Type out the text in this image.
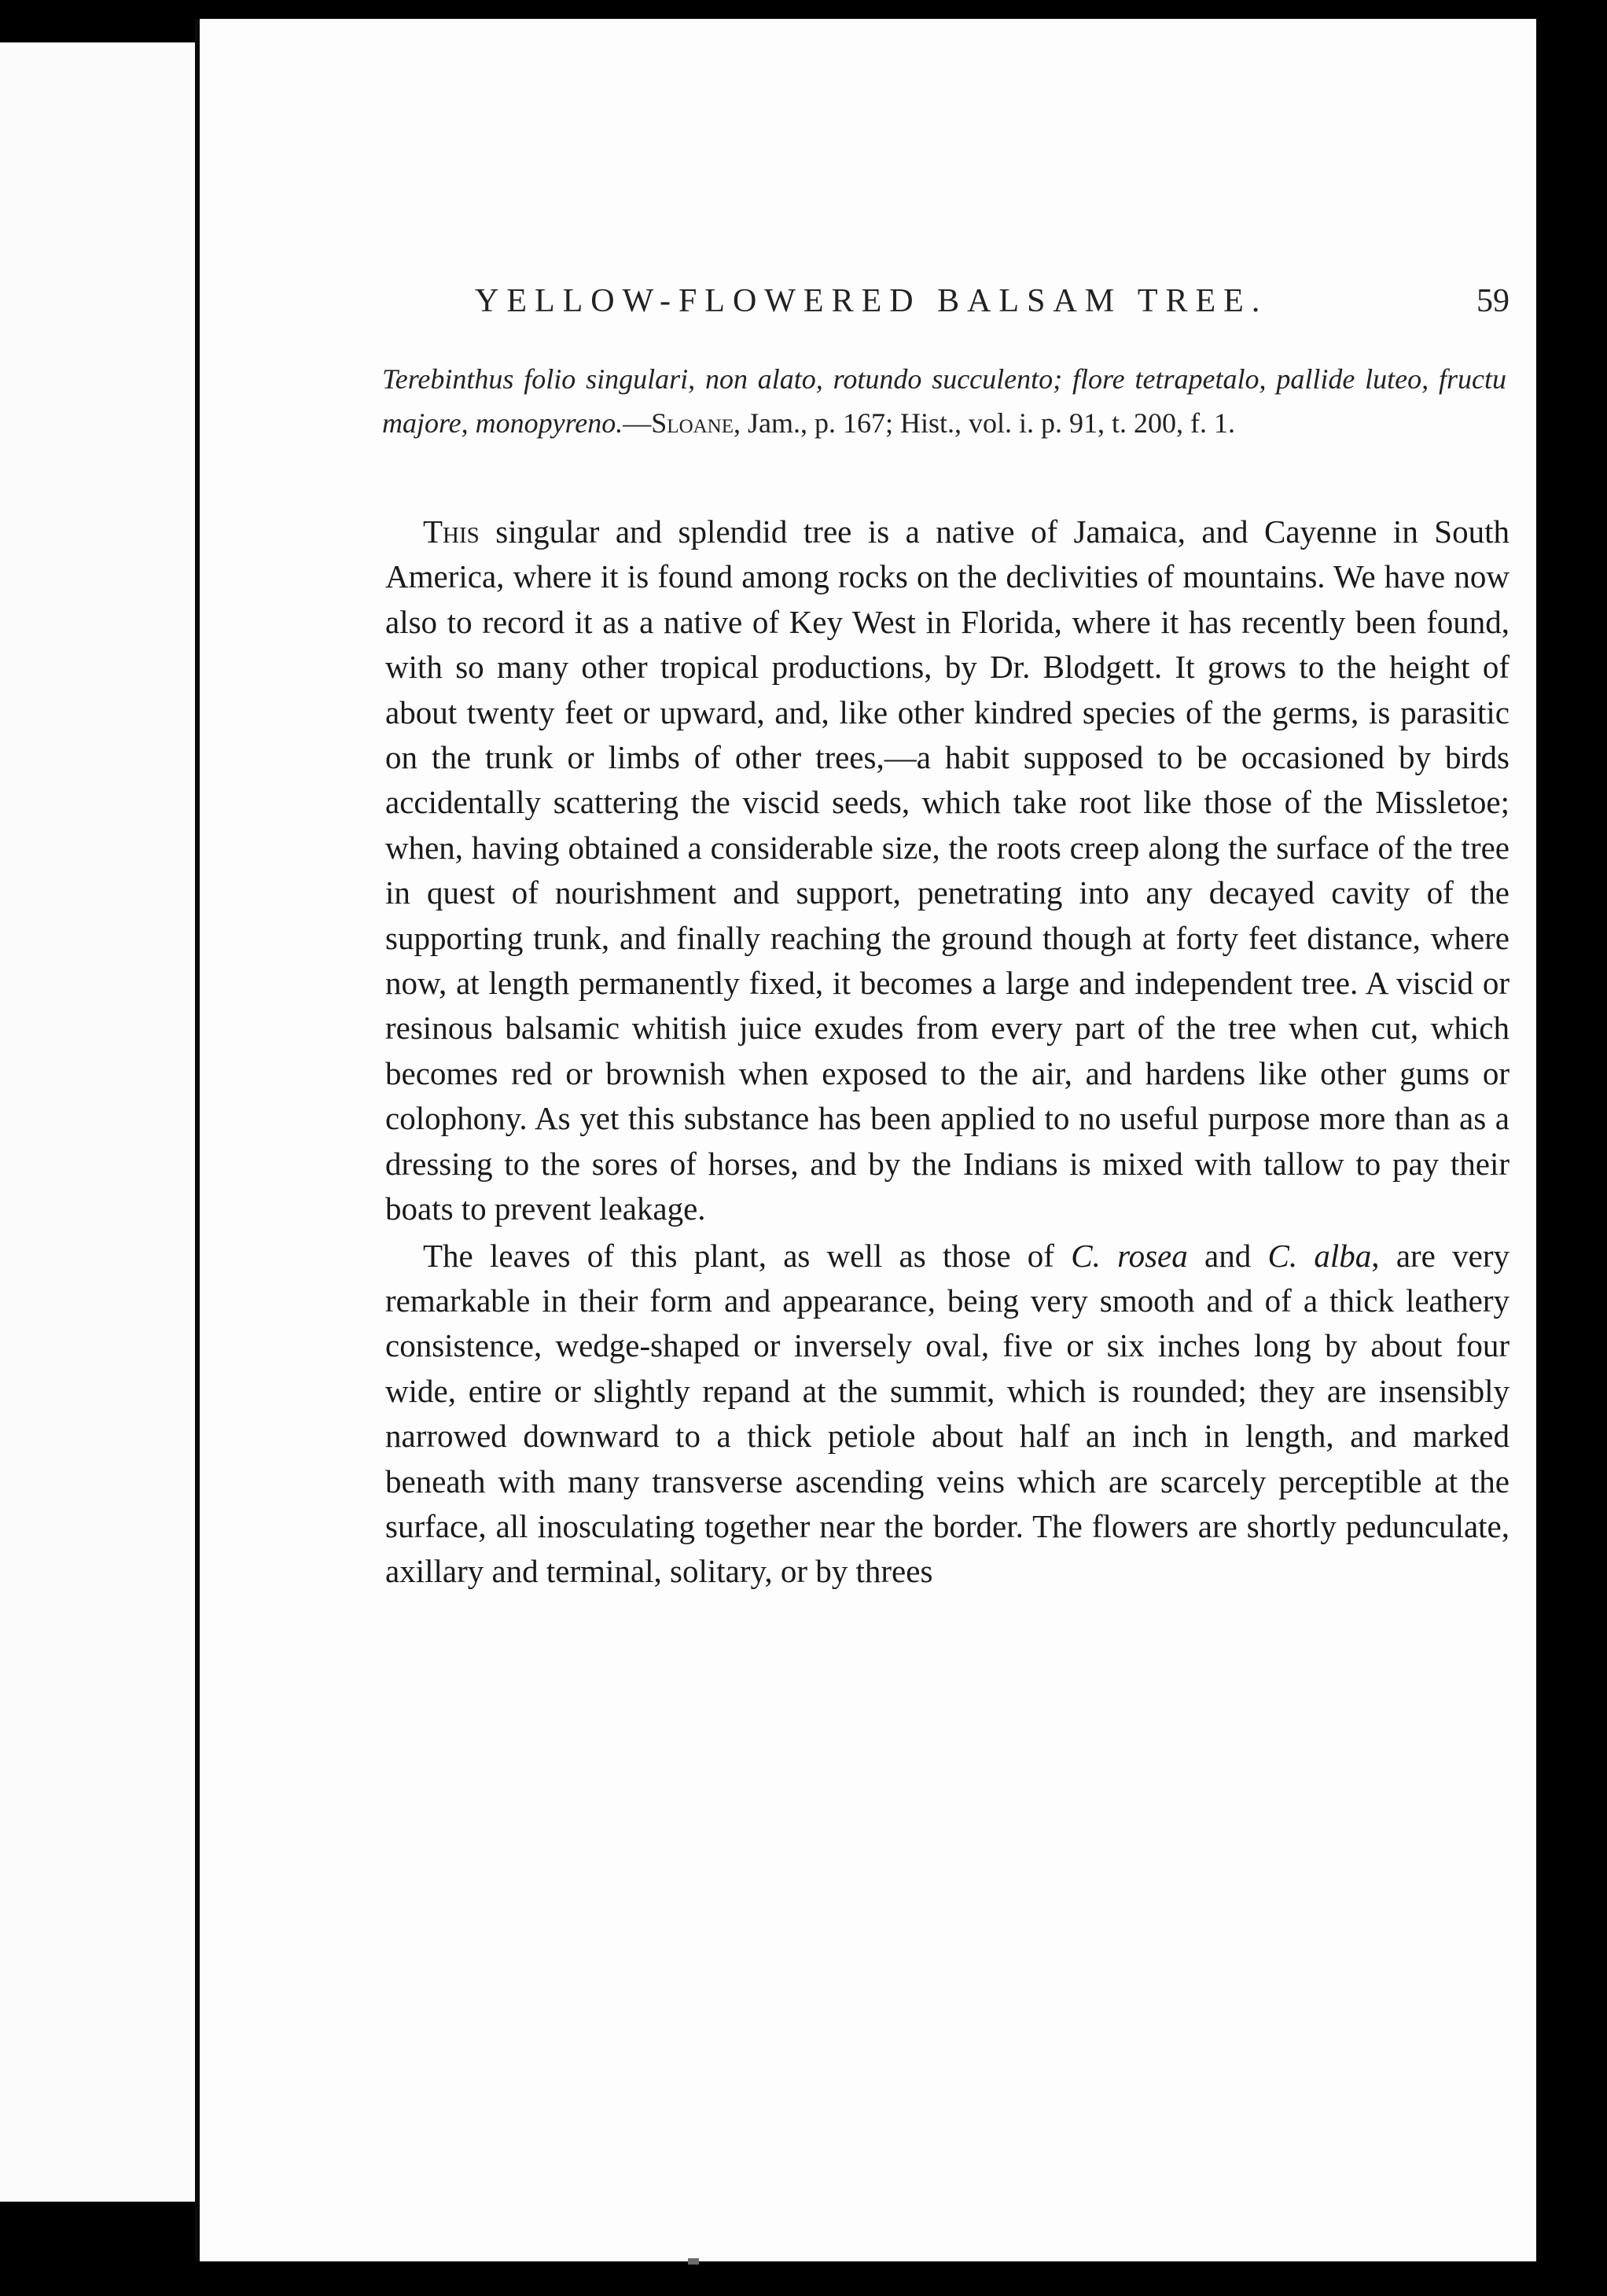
YELLOW-FLOWERED BALSAM TREE.	59

Terebinthus folio singulari, non alato, rotundo succulento; flore tetrapetalo, pallide luteo, fructu majore, monopyreno.—Sloane, Jam., p. 167; Hist., vol. i. p. 91, t. 200, f. 1.

This singular and splendid tree is a native of Jamaica, and Cayenne in South America, where it is found among rocks on the declivities of mountains. We have now also to record it as a native of Key West in Florida, where it has recently been found, with so many other tropical productions, by Dr. Blodgett. It grows to the height of about twenty feet or upward, and, like other kindred species of the germs, is parasitic on the trunk or limbs of other trees,—a habit supposed to be occasioned by birds accidentally scattering the viscid seeds, which take root like those of the Missletoe; when, having obtained a considerable size, the roots creep along the surface of the tree in quest of nourishment and support, penetrating into any decayed cavity of the supporting trunk, and finally reaching the ground though at forty feet distance, where now, at length permanently fixed, it becomes a large and independent tree. A viscid or resinous balsamic whitish juice exudes from every part of the tree when cut, which becomes red or brownish when exposed to the air, and hardens like other gums or colophony. As yet this substance has been applied to no useful purpose more than as a dressing to the sores of horses, and by the Indians is mixed with tallow to pay their boats to prevent leakage.

The leaves of this plant, as well as those of C. rosea and C. alba, are very remarkable in their form and appearance, being very smooth and of a thick leathery consistence, wedge-shaped or inversely oval, five or six inches long by about four wide, entire or slightly repand at the summit, which is rounded; they are insensibly narrowed downward to a thick petiole about half an inch in length, and marked beneath with many transverse ascending veins which are scarcely perceptible at the surface, all inosculating together near the border. The flowers are shortly pedunculate, axillary and terminal, solitary, or by threes
